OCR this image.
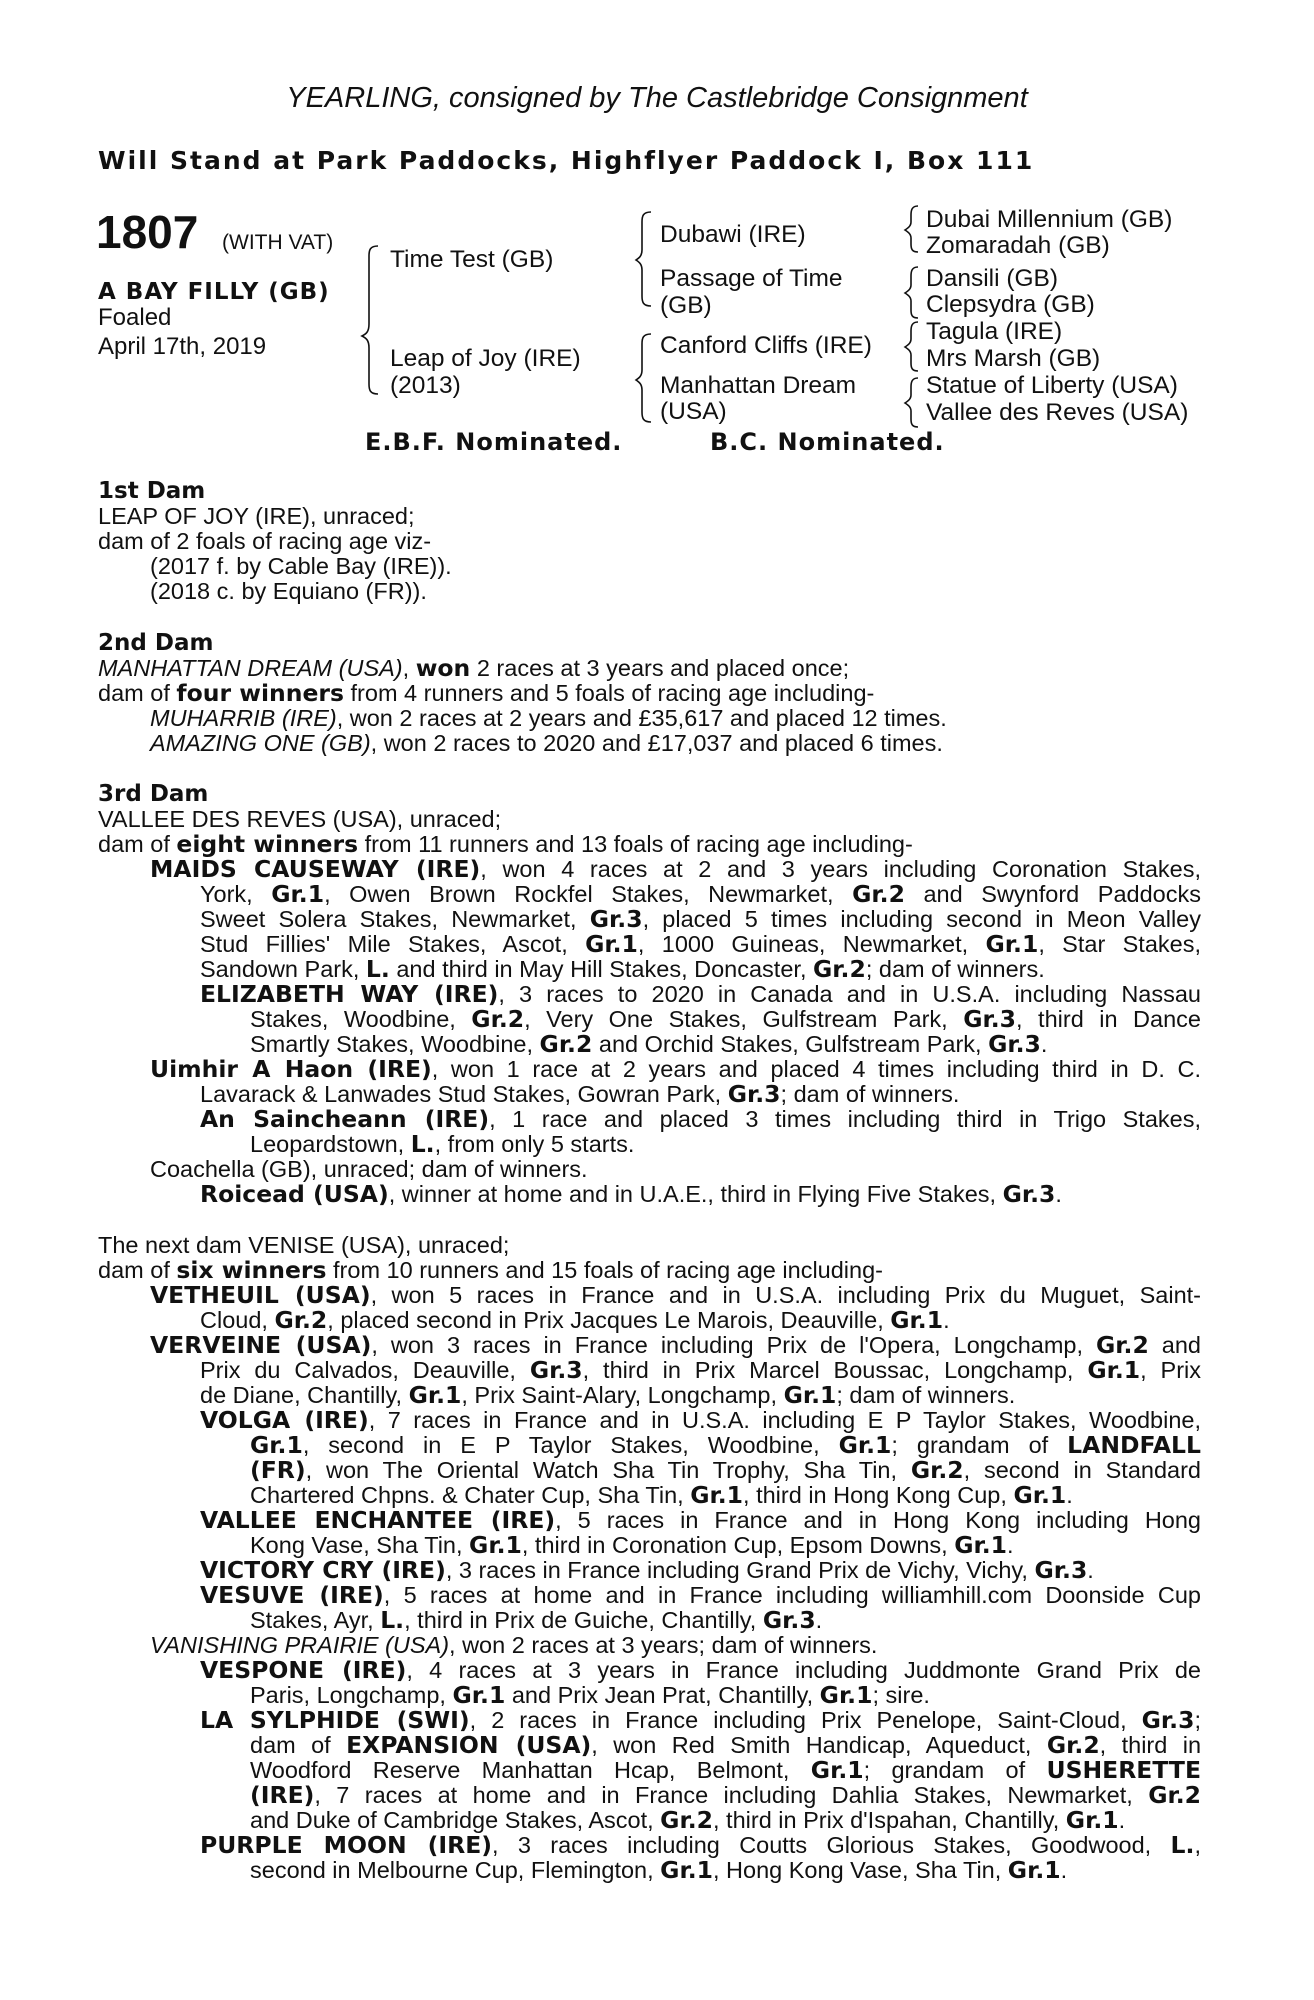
YEARLING, consigned by The Castlebridge Consignment
Will Stand at Park Paddocks, Highflyer Paddock I, Box 111
1807 (WITH VAT)
A BAY FILLY (GB)
Foaled
April 17th, 2019
Time Test (GB)
Leap of Joy (IRE)
(2013)
Dubawi (IRE)
Passage of Time
(GB)
Canford Cliffs (IRE)
Manhattan Dream
(USA)
Dubai Millennium (GB)
Zomaradah (GB)
Dansili (GB)
Clepsydra (GB)
Tagula (IRE)
Mrs Marsh (GB)
Statue of Liberty (USA)
Vallee des Reves (USA)
E.B.F. Nominated.	B.C. Nominated.
1st Dam
LEAP OF JOY (IRE), unraced;
dam of 2 foals of racing age viz-
(2017 f. by Cable Bay (IRE)).
(2018 c. by Equiano (FR)).
2nd Dam
MANHATTAN DREAM (USA), won 2 races at 3 years and placed once;
dam of four winners from 4 runners and 5 foals of racing age including-
MUHARRIB (IRE), won 2 races at 2 years and £35,617 and placed 12 times.
AMAZING ONE (GB), won 2 races to 2020 and £17,037 and placed 6 times.
3rd Dam
VALLEE DES REVES (USA), unraced;
dam of eight winners from 11 runners and 13 foals of racing age including-
MAIDS CAUSEWAY (IRE), won 4 races at 2 and 3 years including Coronation Stakes,
York, Gr.1, Owen Brown Rockfel Stakes, Newmarket, Gr.2 and Swynford Paddocks
Sweet Solera Stakes, Newmarket, Gr.3, placed 5 times including second in Meon Valley
Stud Fillies' Mile Stakes, Ascot, Gr.1, 1000 Guineas, Newmarket, Gr.1, Star Stakes,
Sandown Park, L. and third in May Hill Stakes, Doncaster, Gr.2; dam of winners.
ELIZABETH WAY (IRE), 3 races to 2020 in Canada and in U.S.A. including Nassau
Stakes, Woodbine, Gr.2, Very One Stakes, Gulfstream Park, Gr.3, third in Dance
Smartly Stakes, Woodbine, Gr.2 and Orchid Stakes, Gulfstream Park, Gr.3.
Uimhir A Haon (IRE), won 1 race at 2 years and placed 4 times including third in D. C.
Lavarack & Lanwades Stud Stakes, Gowran Park, Gr.3; dam of winners.
An Saincheann (IRE), 1 race and placed 3 times including third in Trigo Stakes,
Leopardstown, L., from only 5 starts.
Coachella (GB), unraced; dam of winners.
Roicead (USA), winner at home and in U.A.E., third in Flying Five Stakes, Gr.3.
The next dam VENISE (USA), unraced;
dam of six winners from 10 runners and 15 foals of racing age including-
VETHEUIL (USA), won 5 races in France and in U.S.A. including Prix du Muguet, Saint-
Cloud, Gr.2, placed second in Prix Jacques Le Marois, Deauville, Gr.1.
VERVEINE (USA), won 3 races in France including Prix de l'Opera, Longchamp, Gr.2 and
Prix du Calvados, Deauville, Gr.3, third in Prix Marcel Boussac, Longchamp, Gr.1, Prix
de Diane, Chantilly, Gr.1, Prix Saint-Alary, Longchamp, Gr.1; dam of winners.
VOLGA (IRE), 7 races in France and in U.S.A. including E P Taylor Stakes, Woodbine,
Gr.1, second in E P Taylor Stakes, Woodbine, Gr.1; grandam of LANDFALL
(FR), won The Oriental Watch Sha Tin Trophy, Sha Tin, Gr.2, second in Standard
Chartered Chpns. & Chater Cup, Sha Tin, Gr.1, third in Hong Kong Cup, Gr.1.
VALLEE ENCHANTEE (IRE), 5 races in France and in Hong Kong including Hong
Kong Vase, Sha Tin, Gr.1, third in Coronation Cup, Epsom Downs, Gr.1.
VICTORY CRY (IRE), 3 races in France including Grand Prix de Vichy, Vichy, Gr.3.
VESUVE (IRE), 5 races at home and in France including williamhill.com Doonside Cup
Stakes, Ayr, L., third in Prix de Guiche, Chantilly, Gr.3.
VANISHING PRAIRIE (USA), won 2 races at 3 years; dam of winners.
VESPONE (IRE), 4 races at 3 years in France including Juddmonte Grand Prix de
Paris, Longchamp, Gr.1 and Prix Jean Prat, Chantilly, Gr.1; sire.
LA SYLPHIDE (SWI), 2 races in France including Prix Penelope, Saint-Cloud, Gr.3;
dam of EXPANSION (USA), won Red Smith Handicap, Aqueduct, Gr.2, third in
Woodford Reserve Manhattan Hcap, Belmont, Gr.1; grandam of USHERETTE
(IRE), 7 races at home and in France including Dahlia Stakes, Newmarket, Gr.2
and Duke of Cambridge Stakes, Ascot, Gr.2, third in Prix d'Ispahan, Chantilly, Gr.1.
PURPLE MOON (IRE), 3 races including Coutts Glorious Stakes, Goodwood, L.,
second in Melbourne Cup, Flemington, Gr.1, Hong Kong Vase, Sha Tin, Gr.1.
